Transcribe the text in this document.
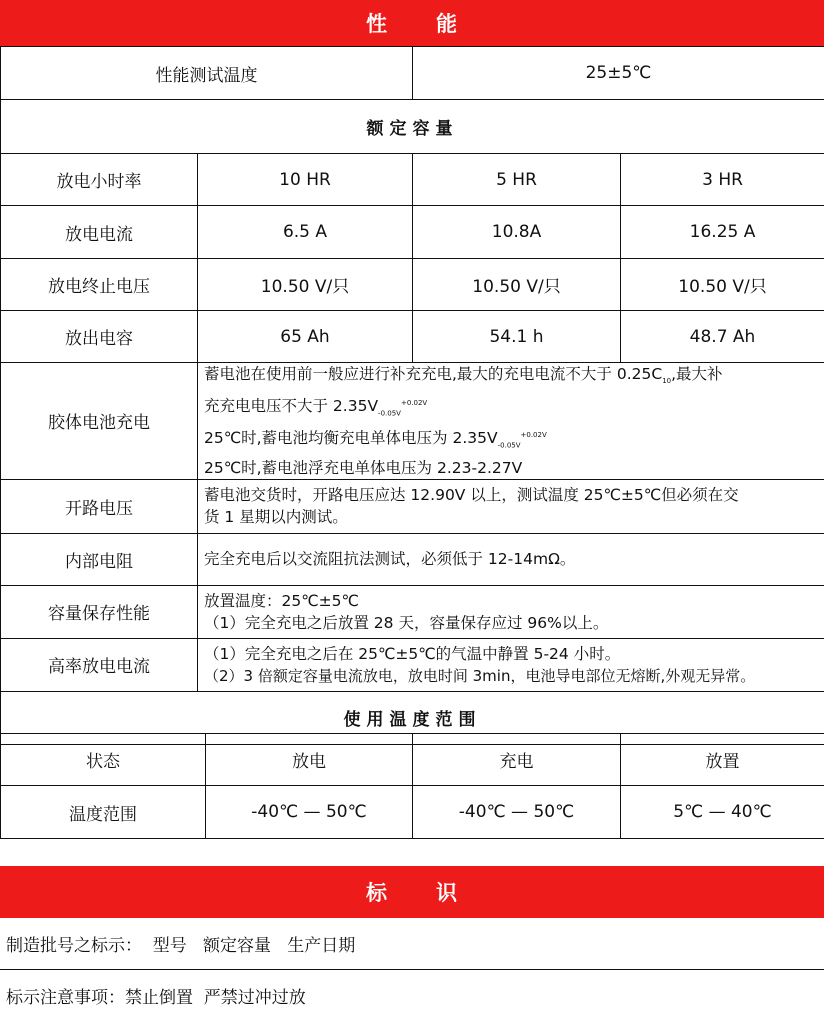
性 能
性能测试温度		25±5℃	
额定容量			
放电小时率	10 HR	5 HR	3 HR
放电电流	6.5 A	10.8A	16.25 A
放电终止电压	10.50 V/只	10.50 V/只	10.50 V/只
放出电容	65 Ah	54.1 h	48.7 Ah
胶体电池充电	蓄电池在使用前一般应进行补充充电,最大的充电电流不大于 $0.25C_{10}$,最大补
充充电电压不大于 $2.35V_{-0.05V}^{+0.02V}$
25℃时,蓄电池均衡充电单体电压为 $2.35V_{-0.05V}^{+0.02V}$
25℃时,蓄电池浮充电单体电压为 2.23-2.27V		

开路电压	蓄电池交货时，开路电压应达 12.90V 以上，测试温度 25℃±5℃但必须在交
货 1 星期以内测试。		

内部电阻	完全充电后以交流阻抗法测试，必须低于 12-14mΩ。		

容量保存性能	放置温度：25℃±5℃
（1）完全充电之后放置 28 天，容量保存应过 96%以上。		

高率放电电流	（1）完全充电之后在 25℃±5℃的气温中静置 5-24 小时。
（2）3 倍额定容量电流放电，放电时间 3min，电池导电部位无熔断,外观无异常。		

使用温度范围			
状态	放电	充电	放置
温度范围	-40℃ — 50℃	-40℃ — 50℃	5℃ — 40℃
标 识
制造批号之标示：  型号   额定容量   生产日期
标示注意事项：禁止倒置  严禁过冲过放
